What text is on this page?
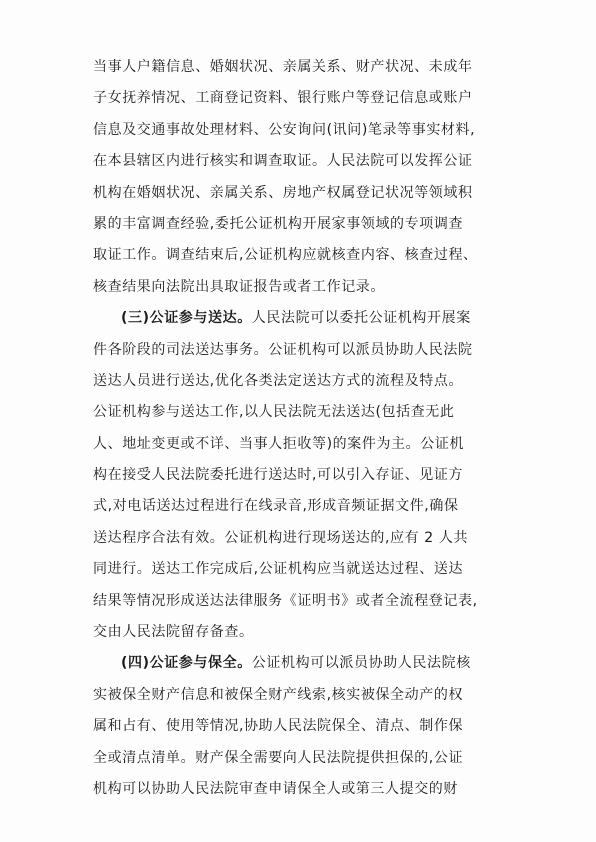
当事人户籍信息、婚姻状况、亲属关系、财产状况、未成年
子女抚养情况、工商登记资料、银行账户等登记信息或账户
信息及交通事故处理材料、公安询问(讯问)笔录等事实材料,
在本县辖区内进行核实和调查取证。人民法院可以发挥公证
机构在婚姻状况、亲属关系、房地产权属登记状况等领域积
累的丰富调查经验,委托公证机构开展家事领域的专项调查
取证工作。调查结束后,公证机构应就核查内容、核查过程、
核查结果向法院出具取证报告或者工作记录。
(三)公证参与送达。人民法院可以委托公证机构开展案
件各阶段的司法送达事务。公证机构可以派员协助人民法院
送达人员进行送达,优化各类法定送达方式的流程及特点。
公证机构参与送达工作,以人民法院无法送达(包括查无此
人、地址变更或不详、当事人拒收等)的案件为主。公证机
构在接受人民法院委托进行送达时,可以引入存证、见证方
式,对电话送达过程进行在线录音,形成音频证据文件,确保
送达程序合法有效。公证机构进行现场送达的,应有 2 人共
同进行。送达工作完成后,公证机构应当就送达过程、送达
结果等情况形成送达法律服务《证明书》或者全流程登记表,
交由人民法院留存备查。
(四)公证参与保全。公证机构可以派员协助人民法院核
实被保全财产信息和被保全财产线索,核实被保全动产的权
属和占有、使用等情况,协助人民法院保全、清点、制作保
全或清点清单。财产保全需要向人民法院提供担保的,公证
机构可以协助人民法院审查申请保全人或第三人提交的财
